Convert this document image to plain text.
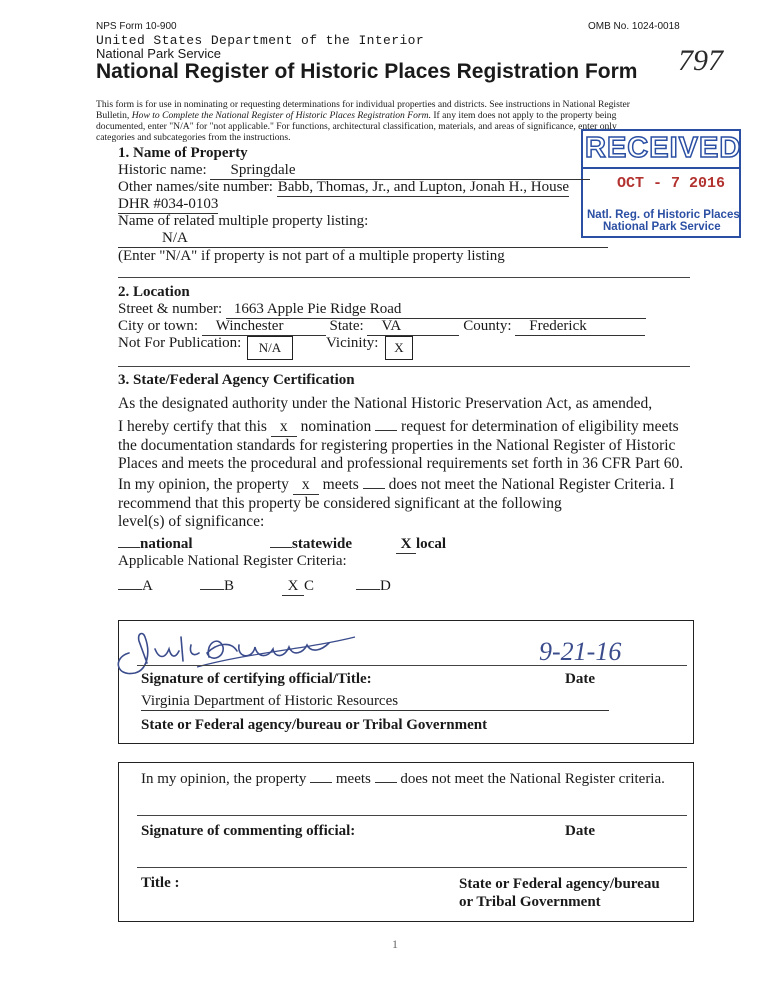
NPS Form 10-900	OMB No. 1024-0018
United States Department of the Interior
National Park Service
National Register of Historic Places Registration Form 797
This form is for use in nominating or requesting determinations for individual properties and districts. See instructions in National Register
Bulletin, How to Complete the National Register of Historic Places Registration Form. If any item does not apply to the property being
documented, enter "N/A" for "not applicable." For functions, architectural classification, materials, and areas of significance, enter only
categories and subcategories from the instructions.	RECEIVED
OCT - 7 2016
Natl. Reg. of Historic Places
National Park Service
1. Name of Property
Historic name: Springdale
Other names/site number: Babb, Thomas, Jr., and Lupton, Jonah H., House
DHR #034-0103
Name of related multiple property listing:
N/A
(Enter "N/A" if property is not part of a multiple property listing
2. Location
Street & number: 1663 Apple Pie Ridge Road
City or town: Winchester	State: VA	County: Frederick
Not For Publication:	N/A	Vicinity:	X
3. State/Federal Agency Certification
As the designated authority under the National Historic Preservation Act, as amended,
I hereby certify that this x nomination  request for determination of eligibility meets
the documentation standards for registering properties in the National Register of Historic
Places and meets the procedural and professional requirements set forth in 36 CFR Part 60.
In my opinion, the property x meets  does not meet the National Register Criteria. I
recommend that this property be considered significant at the following
level(s) of significance:
national	statewide	X local
Applicable National Register Criteria:
A	B	X C	D
9-21-16
Signature of certifying official/Title:	Date
Virginia Department of Historic Resources
State or Federal agency/bureau or Tribal Government
In my opinion, the property  meets  does not meet the National Register criteria.
Signature of commenting official:	Date
Title :	State or Federal agency/bureau
or Tribal Government
1
